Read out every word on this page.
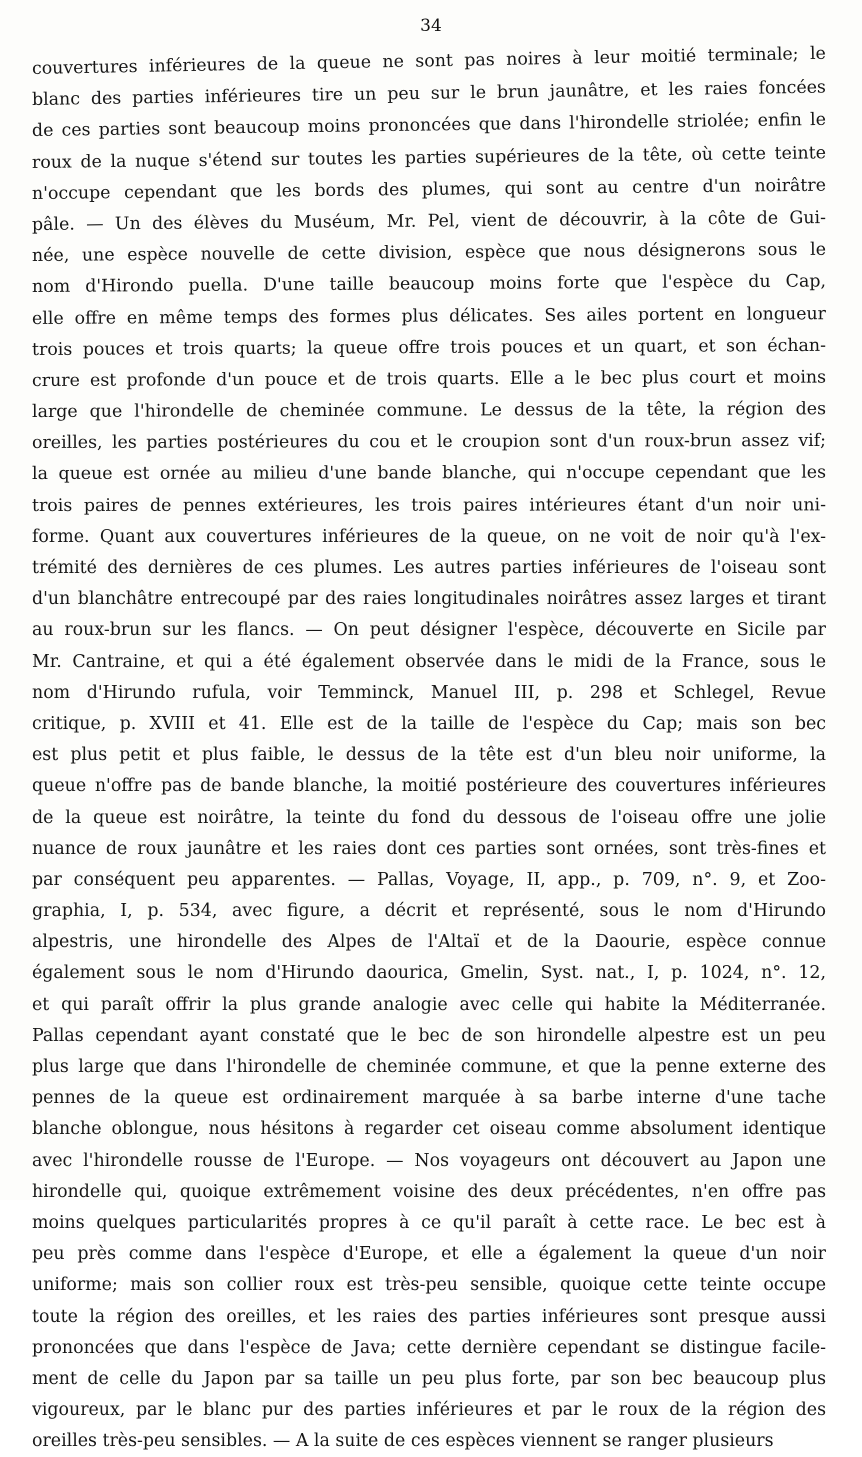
34
couvertures inférieures de la queue ne sont pas noires à leur moitié terminale; le
blanc des parties inférieures tire un peu sur le brun jaunâtre, et les raies foncées
de ces parties sont beaucoup moins prononcées que dans l'hirondelle striolée; enfin le
roux de la nuque s'étend sur toutes les parties supérieures de la tête, où cette teinte
n'occupe cependant que les bords des plumes, qui sont au centre d'un noirâtre
pâle. — Un des élèves du Muséum, Mr. Pel, vient de découvrir, à la côte de Gui-
née, une espèce nouvelle de cette division, espèce que nous désignerons sous le
nom d'Hirondo puella. D'une taille beaucoup moins forte que l'espèce du Cap,
elle offre en même temps des formes plus délicates. Ses ailes portent en longueur
trois pouces et trois quarts; la queue offre trois pouces et un quart, et son échan-
crure est profonde d'un pouce et de trois quarts. Elle a le bec plus court et moins
large que l'hirondelle de cheminée commune. Le dessus de la tête, la région des
oreilles, les parties postérieures du cou et le croupion sont d'un roux-brun assez vif;
la queue est ornée au milieu d'une bande blanche, qui n'occupe cependant que les
trois paires de pennes extérieures, les trois paires intérieures étant d'un noir uni-
forme. Quant aux couvertures inférieures de la queue, on ne voit de noir qu'à l'ex-
trémité des dernières de ces plumes. Les autres parties inférieures de l'oiseau sont
d'un blanchâtre entrecoupé par des raies longitudinales noirâtres assez larges et tirant
au roux-brun sur les flancs. — On peut désigner l'espèce, découverte en Sicile par
Mr. Cantraine, et qui a été également observée dans le midi de la France, sous le
nom d'Hirundo rufula, voir Temminck, Manuel III, p. 298 et Schlegel, Revue
critique, p. XVIII et 41. Elle est de la taille de l'espèce du Cap; mais son bec
est plus petit et plus faible, le dessus de la tête est d'un bleu noir uniforme, la
queue n'offre pas de bande blanche, la moitié postérieure des couvertures inférieures
de la queue est noirâtre, la teinte du fond du dessous de l'oiseau offre une jolie
nuance de roux jaunâtre et les raies dont ces parties sont ornées, sont très-fines et
par conséquent peu apparentes. — Pallas, Voyage, II, app., p. 709, n°. 9, et Zoo-
graphia, I, p. 534, avec figure, a décrit et représenté, sous le nom d'Hirundo
alpestris, une hirondelle des Alpes de l'Altaï et de la Daourie, espèce connue
également sous le nom d'Hirundo daourica, Gmelin, Syst. nat., I, p. 1024, n°. 12,
et qui paraît offrir la plus grande analogie avec celle qui habite la Méditerranée.
Pallas cependant ayant constaté que le bec de son hirondelle alpestre est un peu
plus large que dans l'hirondelle de cheminée commune, et que la penne externe des
pennes de la queue est ordinairement marquée à sa barbe interne d'une tache
blanche oblongue, nous hésitons à regarder cet oiseau comme absolument identique
avec l'hirondelle rousse de l'Europe. — Nos voyageurs ont découvert au Japon une
hirondelle qui, quoique extrêmement voisine des deux précédentes, n'en offre pas
moins quelques particularités propres à ce qu'il paraît à cette race. Le bec est à
peu près comme dans l'espèce d'Europe, et elle a également la queue d'un noir
uniforme; mais son collier roux est très-peu sensible, quoique cette teinte occupe
toute la région des oreilles, et les raies des parties inférieures sont presque aussi
prononcées que dans l'espèce de Java; cette dernière cependant se distingue facile-
ment de celle du Japon par sa taille un peu plus forte, par son bec beaucoup plus
vigoureux, par le blanc pur des parties inférieures et par le roux de la région des
oreilles très-peu sensibles. — A la suite de ces espèces viennent se ranger plusieurs
